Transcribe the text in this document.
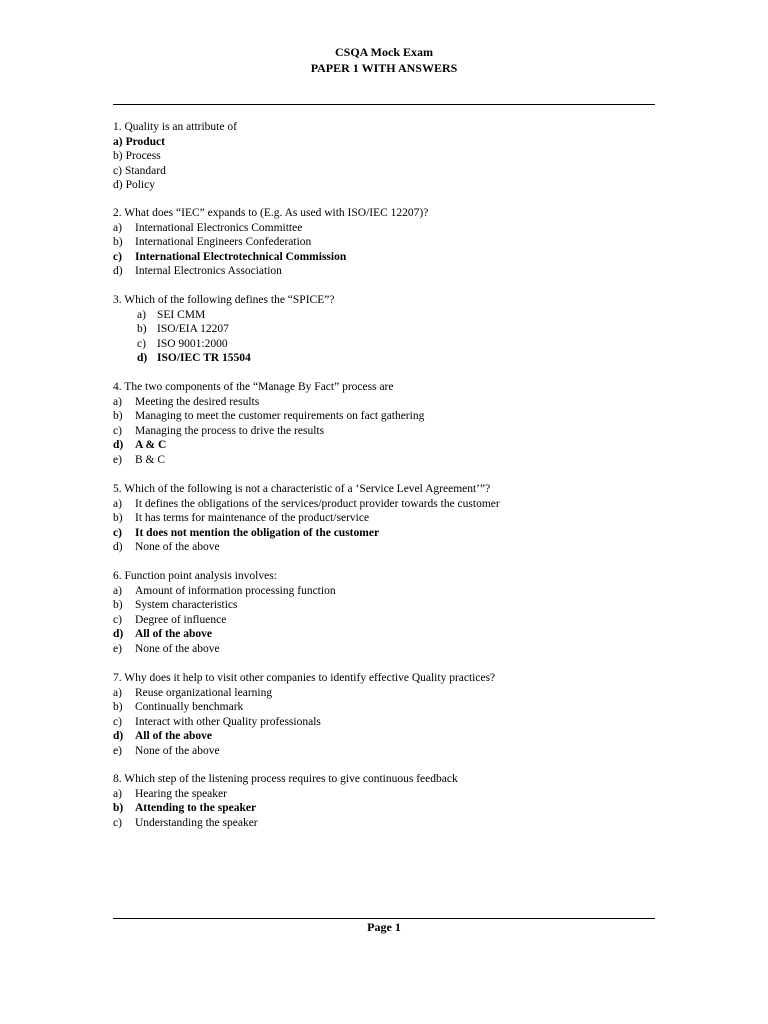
CSQA Mock Exam
PAPER 1 WITH ANSWERS
1. Quality is an attribute of
a) Product
b) Process
c) Standard
d) Policy
2. What does “IEC” expands to (E.g. As used with ISO/IEC 12207)?
a)	International Electronics Committee
b)	International Engineers Confederation
c)	International Electrotechnical Commission
d)	Internal Electronics Association
3. Which of the following defines the “SPICE”?
a) SEI CMM
b) ISO/EIA 12207
c) ISO 9001:2000
d) ISO/IEC TR 15504
4. The two components of the “Manage By Fact” process are
a)	Meeting the desired results
b)	Managing to meet the customer requirements on fact gathering
c)	Managing the process to drive the results
d)	A & C
e)	B & C
5. Which of the following is not a characteristic of a ‘Service Level Agreement’”?
a)	It defines the obligations of the services/product provider towards the customer
b)	It has terms for maintenance of the product/service
c)	It does not mention the obligation of the customer
d)	None of the above
6. Function point analysis involves:
a)	Amount of information processing function
b)	System characteristics
c)	Degree of influence
d)	All of the above
e)	None of the above
7. Why does it help to visit other companies to identify effective Quality practices?
a)	Reuse organizational learning
b)	Continually benchmark
c)	Interact with other Quality professionals
d)	All of the above
e)	None of the above
8. Which step of the listening process requires to give continuous feedback
a)	Hearing the speaker
b)	Attending to the speaker
c)	Understanding the speaker
Page 1
